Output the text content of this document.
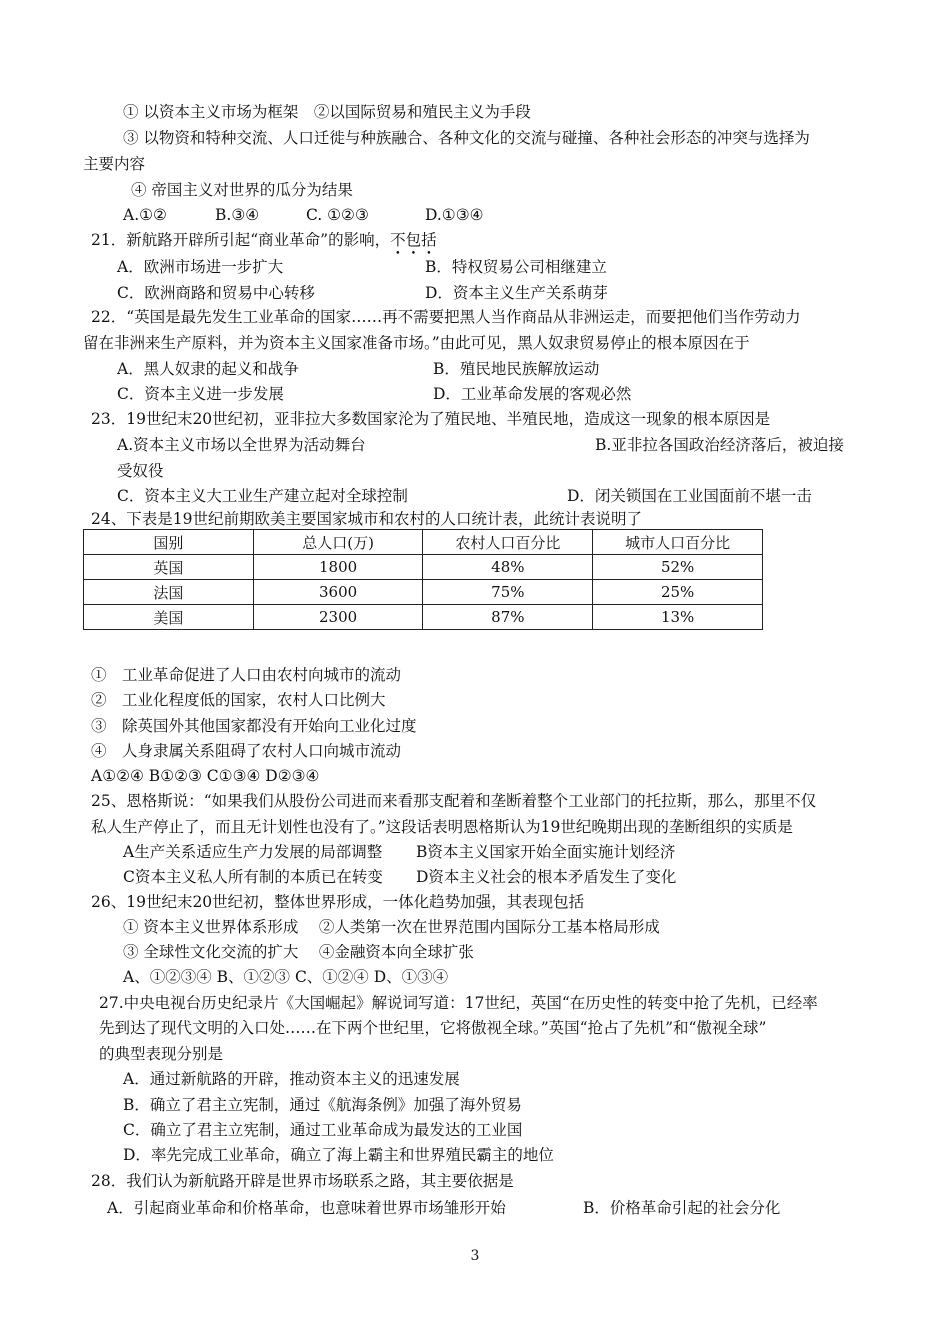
① 以资本主义市场为框架　②以国际贸易和殖民主义为手段
③ 以物资和特种交流、人口迁徙与种族融合、各种文化的交流与碰撞、各种社会形态的冲突与选择为
主要内容
④ 帝国主义对世界的瓜分为结果
A.①②	B.③④	C. ①②③	D.①③④
21．新航路开辟所引起“商业革命”的影响，不包括
A．欧洲市场进一步扩大	B．特权贸易公司相继建立
C．欧洲商路和贸易中心转移	D．资本主义生产关系萌芽
22．“英国是最先发生工业革命的国家……再不需要把黑人当作商品从非洲运走，而要把他们当作劳动力
留在非洲来生产原料，并为资本主义国家准备市场。”由此可见，黑人奴隶贸易停止的根本原因在于
A．黑人奴隶的起义和战争	B．殖民地民族解放运动
C．资本主义进一步发展	D．工业革命发展的客观必然
23．19世纪末20世纪初，亚非拉大多数国家沦为了殖民地、半殖民地，造成这一现象的根本原因是
A.资本主义市场以全世界为活动舞台	B.亚非拉各国政治经济落后，被迫接
受奴役
C．资本主义大工业生产建立起对全球控制	D．闭关锁国在工业国面前不堪一击
24、下表是19世纪前期欧美主要国家城市和农村的人口统计表，此统计表说明了
国别	总人口(万)	农村人口百分比	城市人口百分比
英国	1800	48%	52%
法国	3600	75%	25%
美国	2300	87%	13%
①　工业革命促进了人口由农村向城市的流动
②　工业化程度低的国家，农村人口比例大
③　除英国外其他国家都没有开始向工业化过度
④　人身隶属关系阻碍了农村人口向城市流动
A①②④ B①②③ C①③④ D②③④
25、恩格斯说：“如果我们从股份公司进而来看那支配着和垄断着整个工业部门的托拉斯，那么，那里不仅
私人生产停止了，而且无计划性也没有了。”这段话表明恩格斯认为19世纪晚期出现的垄断组织的实质是
A生产关系适应生产力发展的局部调整 B资本主义国家开始全面实施计划经济
C资本主义私人所有制的本质已在转变 D资本主义社会的根本矛盾发生了变化
26、19世纪末20世纪初，整体世界形成，一体化趋势加强，其表现包括
① 资本主义世界体系形成　 ②人类第一次在世界范围内国际分工基本格局形成
③ 全球性文化交流的扩大　 ④金融资本向全球扩张
A、①②③④ B、①②③ C、①②④ D、①③④
27.中央电视台历史纪录片《大国崛起》解说词写道：17世纪，英国“在历史性的转变中抢了先机，已经率
先到达了现代文明的入口处……在下两个世纪里，它将傲视全球。”英国“抢占了先机”和“傲视全球”
的典型表现分别是
A．通过新航路的开辟，推动资本主义的迅速发展
B．确立了君主立宪制，通过《航海条例》加强了海外贸易
C．确立了君主立宪制，通过工业革命成为最发达的工业国
D．率先完成工业革命，确立了海上霸主和世界殖民霸主的地位
28．我们认为新航路开辟是世界市场联系之路，其主要依据是
A．引起商业革命和价格革命，也意味着世界市场雏形开始	B．价格革命引起的社会分化
3
